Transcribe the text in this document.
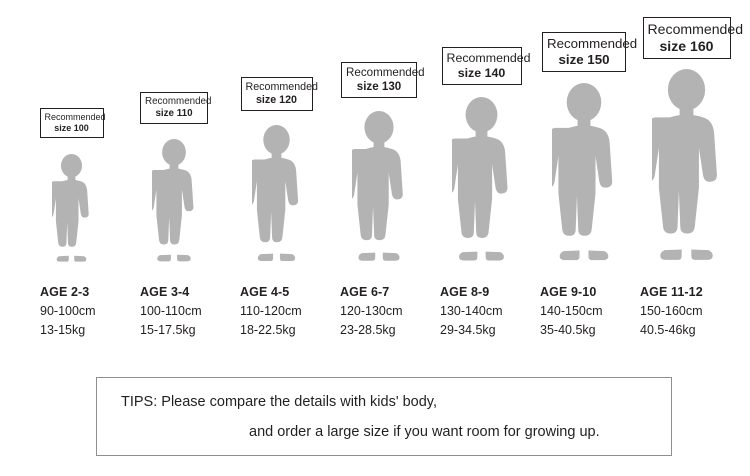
Recommended
size 100
AGE 2-3
90-100cm
13-15kg
Recommended
size 110
AGE 3-4
100-110cm
15-17.5kg
Recommended
size 120
AGE 4-5
110-120cm
18-22.5kg
Recommended
size 130
AGE 6-7
120-130cm
23-28.5kg
Recommended
size 140
AGE 8-9
130-140cm
29-34.5kg
Recommended
size 150
AGE 9-10
140-150cm
35-40.5kg
Recommended
size 160
AGE 11-12
150-160cm
40.5-46kg
TIPS: Please compare the details with kids' body,
and order a large size if you want room for growing up.
